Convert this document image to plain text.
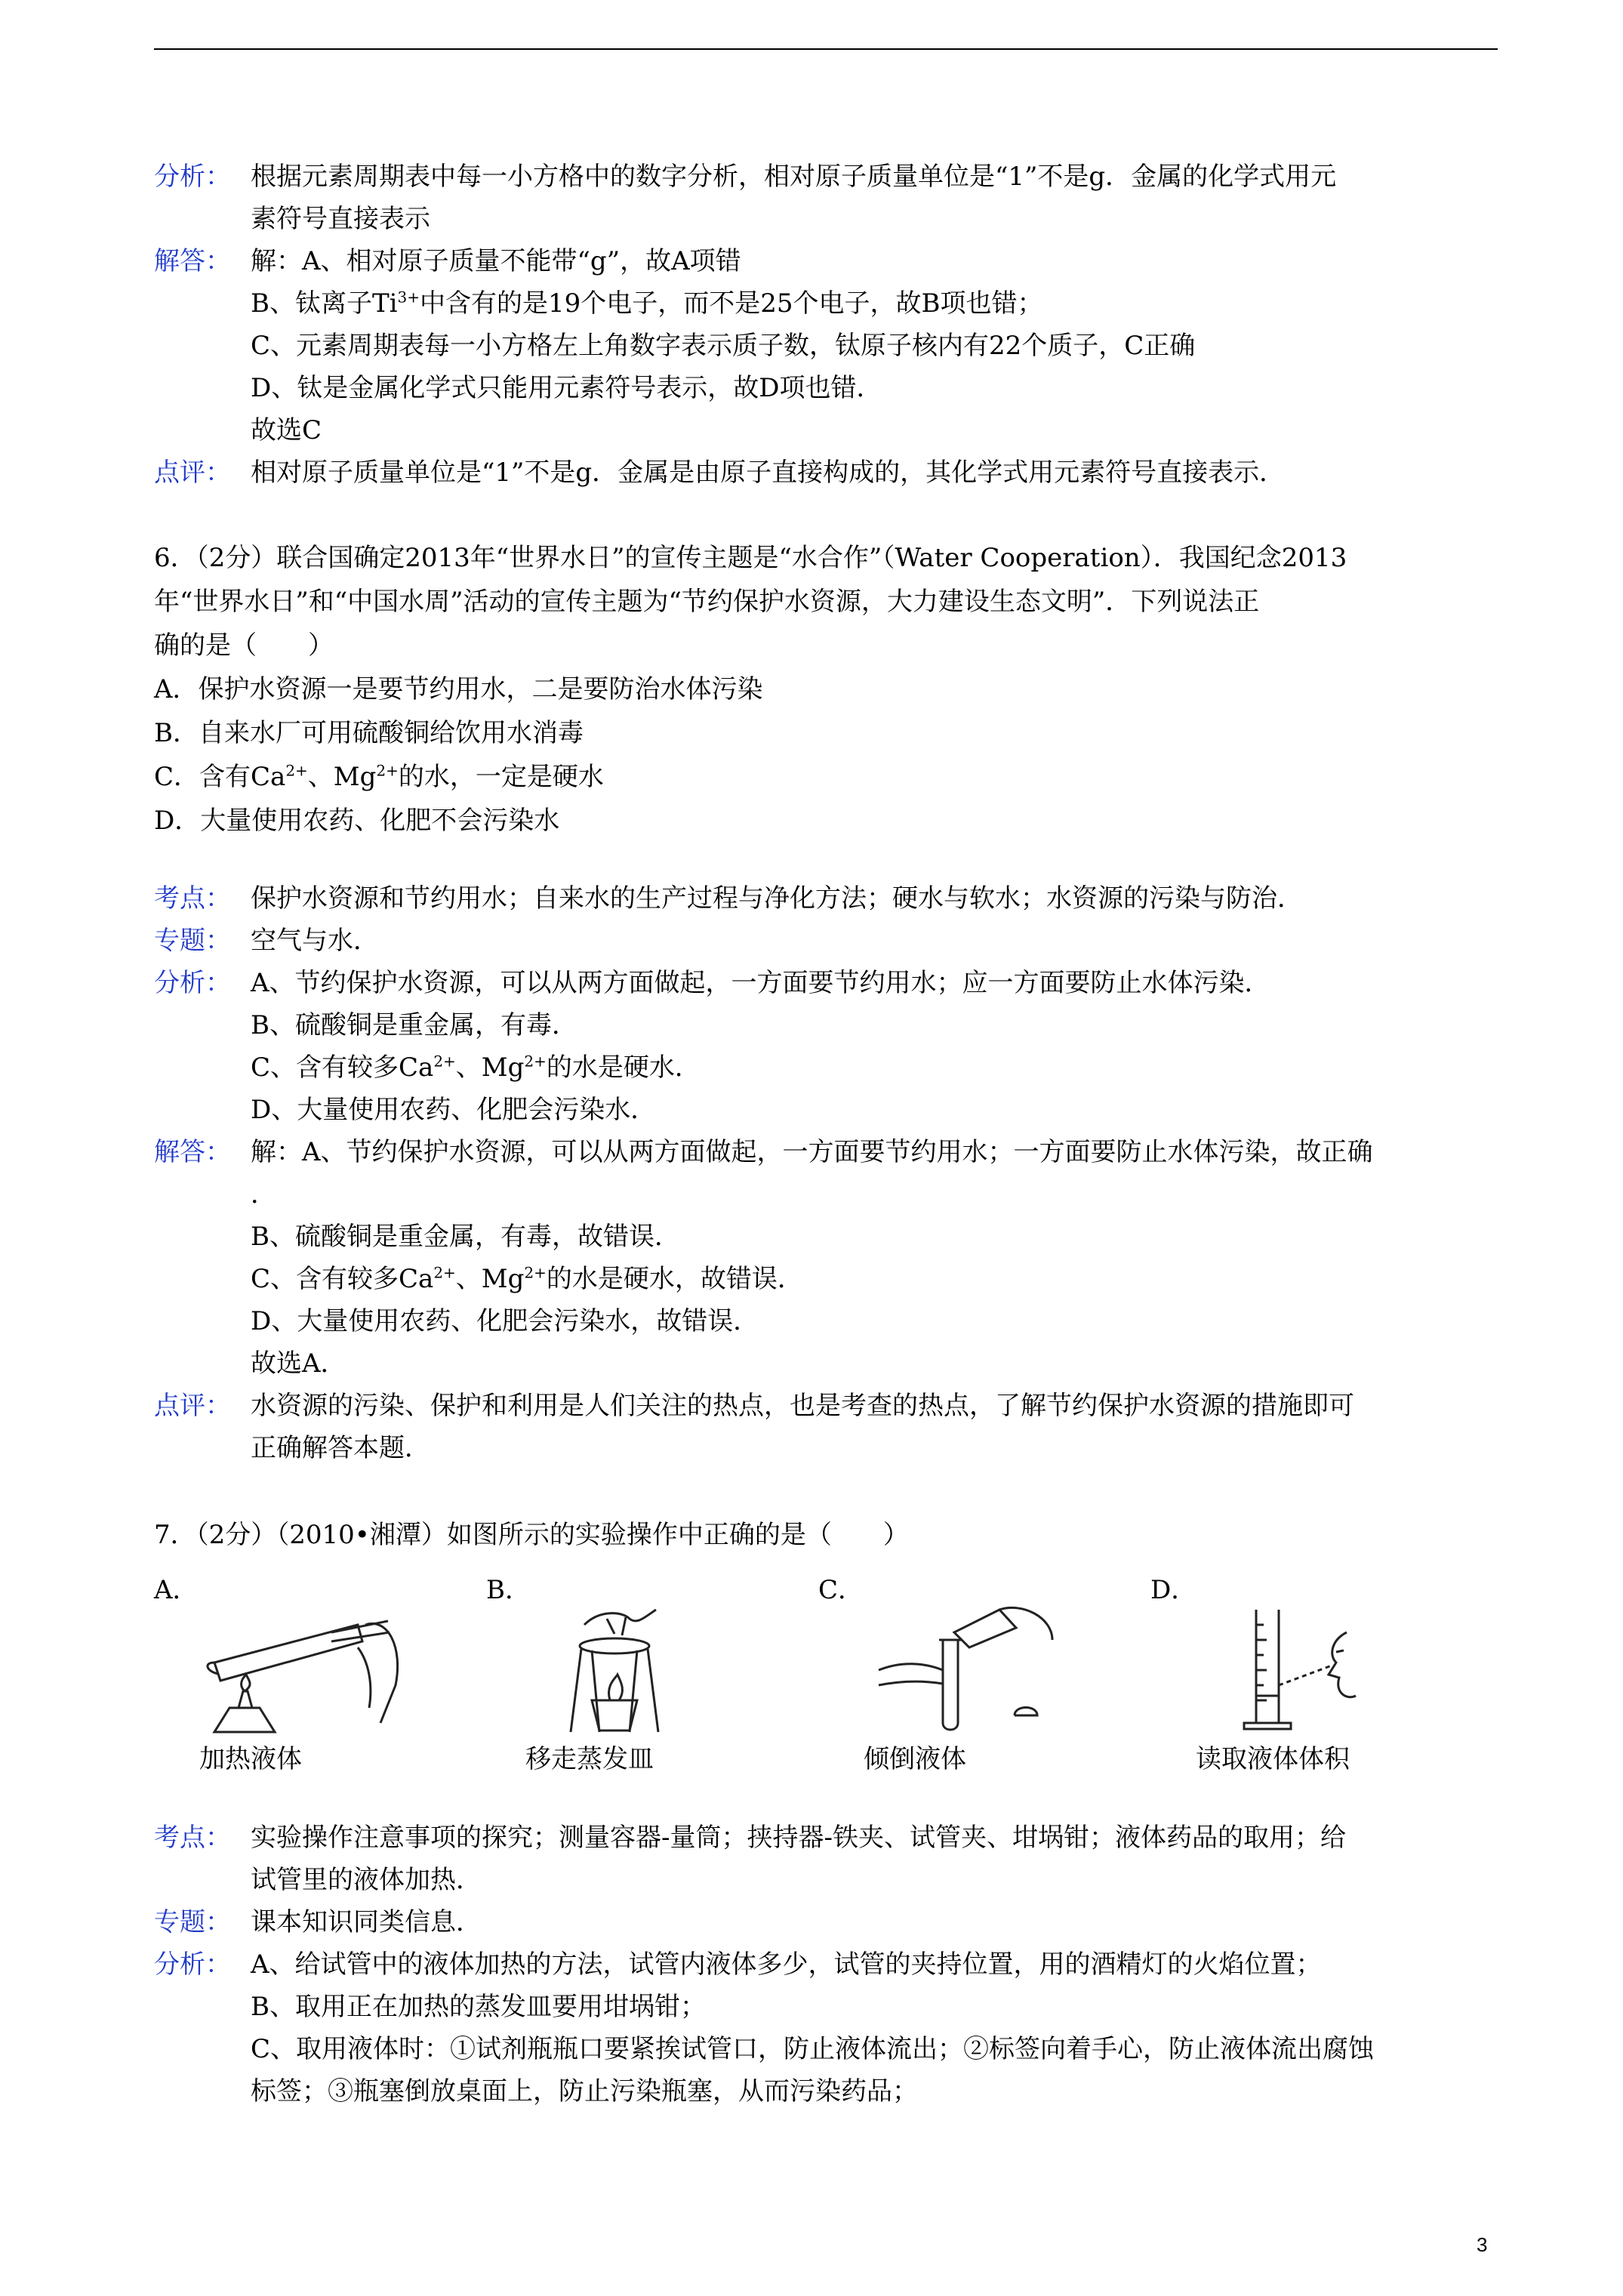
分析： 根据元素周期表中每一小方格中的数字分析，相对原子质量单位是“1”不是g．金属的化学式用元
素符号直接表示
解答： 解：A、相对原子质量不能带“g”，故A项错
B、钛离子$Ti^{3+}$中含有的是19个电子，而不是25个电子，故B项也错；
C、元素周期表每一小方格左上角数字表示质子数，钛原子核内有22个质子，C正确
D、钛是金属化学式只能用元素符号表示，故D项也错．
故选C
点评： 相对原子质量单位是“1”不是g．金属是由原子直接构成的，其化学式用元素符号直接表示．
6．（2分）联合国确定2013年“世界水日”的宣传主题是“水合作”（Water Cooperation）．我国纪念2013
年“世界水日”和“中国水周”活动的宣传主题为“节约保护水资源，大力建设生态文明”．下列说法正
确的是（　　）
A．保护水资源一是要节约用水，二是要防治水体污染
B．自来水厂可用硫酸铜给饮用水消毒
C．含有$Ca^{2+}$、$Mg^{2+}$的水，一定是硬水
D．大量使用农药、化肥不会污染水
考点： 保护水资源和节约用水；自来水的生产过程与净化方法；硬水与软水；水资源的污染与防治．
专题： 空气与水．
分析： A、节约保护水资源，可以从两方面做起，一方面要节约用水；应一方面要防止水体污染．
B、硫酸铜是重金属，有毒．
C、含有较多$Ca^{2+}$、$Mg^{2+}$的水是硬水．
D、大量使用农药、化肥会污染水．
解答： 解：A、节约保护水资源，可以从两方面做起，一方面要节约用水；一方面要防止水体污染，故正确
．
B、硫酸铜是重金属，有毒，故错误．
C、含有较多$Ca^{2+}$、$Mg^{2+}$的水是硬水，故错误．
D、大量使用农药、化肥会污染水，故错误．
故选A．
点评： 水资源的污染、保护和利用是人们关注的热点，也是考查的热点，了解节约保护水资源的措施即可
正确解答本题．
7．（2分）（2010•湘潭）如图所示的实验操作中正确的是（　　）
A．
加热液体
B．
移走蒸发皿
C．
倾倒液体
D．
读取液体体积
考点： 实验操作注意事项的探究；测量容器-量筒；挟持器-铁夹、试管夹、坩埚钳；液体药品的取用；给
试管里的液体加热．
专题： 课本知识同类信息．
分析： A、给试管中的液体加热的方法，试管内液体多少，试管的夹持位置，用的酒精灯的火焰位置；
B、取用正在加热的蒸发皿要用坩埚钳；
C、取用液体时：①试剂瓶瓶口要紧挨试管口，防止液体流出；②标签向着手心，防止液体流出腐蚀
标签；③瓶塞倒放桌面上，防止污染瓶塞，从而污染药品；
3
